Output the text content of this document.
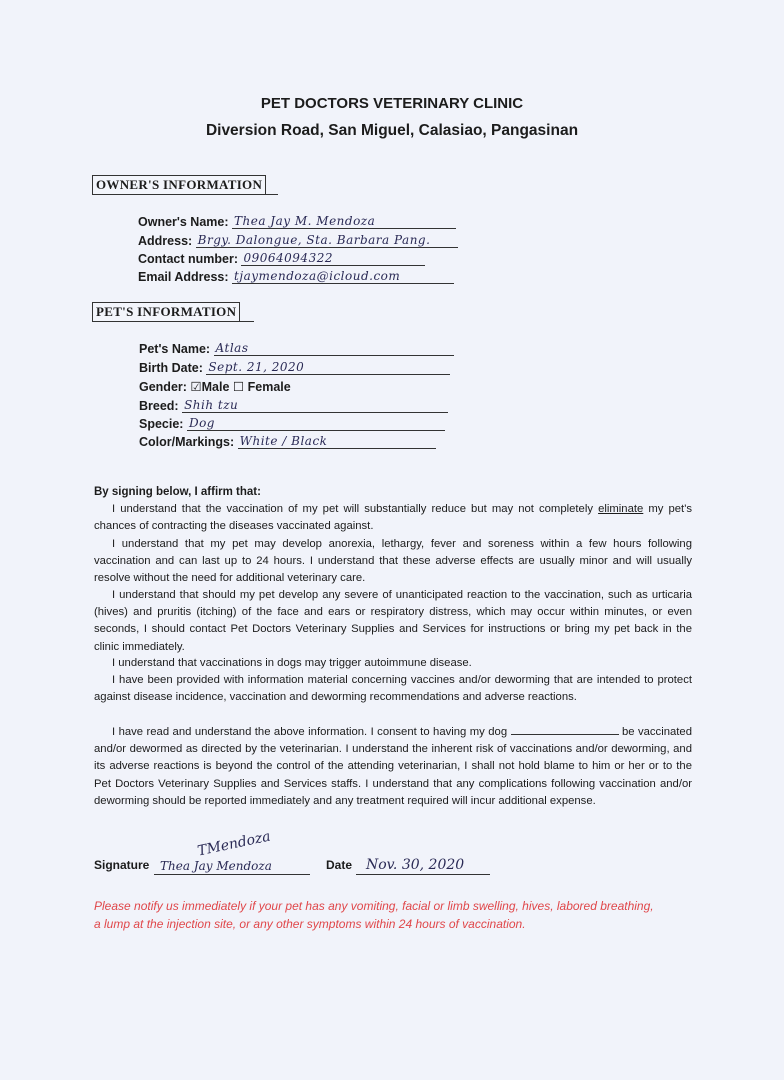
PET DOCTORS VETERINARY CLINIC
Diversion Road, San Miguel, Calasiao, Pangasinan
OWNER'S INFORMATION
Owner's Name: Thea Jay M. Mendoza
Address: Brgy. Dalongue, Sta. Barbara Pang.
Contact number: 09064094322
Email Address: tjaymendoza@icloud.com
PET'S INFORMATION
Pet's Name: Atlas
Birth Date: Sept. 21, 2020
Gender: ☑Male ☐ Female
Breed: Shih tzu
Specie: Dog
Color/Markings: White / Black
By signing below, I affirm that:

I understand that the vaccination of my pet will substantially reduce but may not completely eliminate my pet's chances of contracting the diseases vaccinated against.

I understand that my pet may develop anorexia, lethargy, fever and soreness within a few hours following vaccination and can last up to 24 hours. I understand that these adverse effects are usually minor and will usually resolve without the need for additional veterinary care.

I understand that should my pet develop any severe of unanticipated reaction to the vaccination, such as urticaria (hives) and pruritis (itching) of the face and ears or respiratory distress, which may occur within minutes, or even seconds, I should contact Pet Doctors Veterinary Supplies and Services for instructions or bring my pet back in the clinic immediately.

I understand that vaccinations in dogs may trigger autoimmune disease.

I have been provided with information material concerning vaccines and/or deworming that are intended to protect against disease incidence, vaccination and deworming recommendations and adverse reactions.

I have read and understand the above information. I consent to having my dog	be vaccinated and/or dewormed as directed by the veterinarian. I understand the inherent risk of vaccinations and/or deworming, and its adverse reactions is beyond the control of the attending veterinarian, I shall not hold blame to him or her or to the Pet Doctors Veterinary Supplies and Services staffs. I understand that any complications following vaccination and/or deworming should be reported immediately and any treatment required will incur additional expense.

Signature
TMendoza
Thea Jay Mendoza	Date Nov. 30, 2020
Please notify us immediately if your pet has any vomiting, facial or limb swelling, hives, labored breathing, a lump at the injection site, or any other symptoms within 24 hours of vaccination.
